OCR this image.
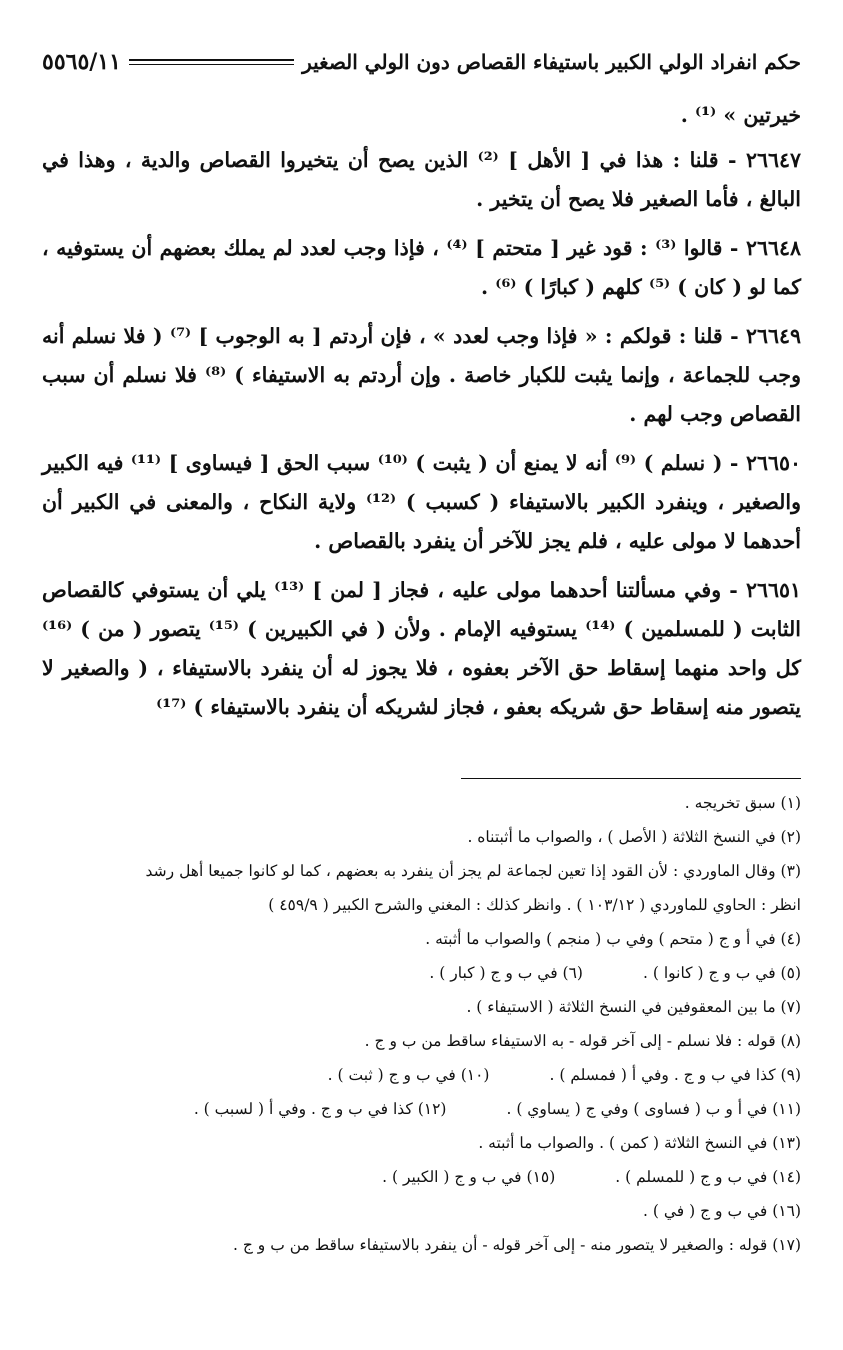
حكم انفراد الولي الكبير باستيفاء القصاص دون الولي الصغير
٥٥٦٥/١١

خيرتين » ⁽¹⁾ .

٢٦٦٤٧ - قلنا : هذا في [ الأهل ] ⁽²⁾ الذين يصح أن يتخيروا القصاص والدية ، وهذا في البالغ ، فأما الصغير فلا يصح أن يتخير .

٢٦٦٤٨ - قالوا ⁽³⁾ : قود غير [ متحتم ] ⁽⁴⁾ ، فإذا وجب لعدد لم يملك بعضهم أن يستوفيه ، كما لو ( كان ) ⁽⁵⁾ كلهم ( كبارًا ) ⁽⁶⁾ .

٢٦٦٤٩ - قلنا : قولكم : « فإذا وجب لعدد » ، فإن أردتم [ به الوجوب ] ⁽⁷⁾ ( فلا نسلم أنه وجب للجماعة ، وإنما يثبت للكبار خاصة . وإن أردتم به الاستيفاء ) ⁽⁸⁾ فلا نسلم أن سبب القصاص وجب لهم .

٢٦٦٥٠ - ( نسلم ) ⁽⁹⁾ أنه لا يمنع أن ( يثبت ) ⁽¹⁰⁾ سبب الحق [ فيساوى ] ⁽¹¹⁾ فيه الكبير والصغير ، وينفرد الكبير بالاستيفاء ( كسبب ) ⁽¹²⁾ ولاية النكاح ، والمعنى في الكبير أن أحدهما لا مولى عليه ، فلم يجز للآخر أن ينفرد بالقصاص .

٢٦٦٥١ - وفي مسألتنا أحدهما مولى عليه ، فجاز [ لمن ] ⁽¹³⁾ يلي أن يستوفي كالقصاص الثابت ( للمسلمين ) ⁽¹⁴⁾ يستوفيه الإمام . ولأن ( في الكبيرين ) ⁽¹⁵⁾ يتصور ( من ) ⁽¹⁶⁾ كل واحد منهما إسقاط حق الآخر بعفوه ، فلا يجوز له أن ينفرد بالاستيفاء ، ( والصغير لا يتصور منه إسقاط حق شريكه بعفو ، فجاز لشريكه أن ينفرد بالاستيفاء ) ⁽¹⁷⁾

(١) سبق تخريجه .

(٢) في النسخ الثلاثة ( الأصل ) ، والصواب ما أثبتناه .

(٣) وقال الماوردي : لأن القود إذا تعين لجماعة لم يجز أن ينفرد به بعضهم ، كما لو كانوا جميعا أهل رشد

انظر : الحاوي للماوردي ( ١٠٣/١٢ ) . وانظر كذلك : المغني والشرح الكبير ( ٤٥٩/٩ )

(٤) في أ و ج ( متحم ) وفي ب ( منجم ) والصواب ما أثبته .

(٥) في ب و ج ( كانوا ) .
(٦) في ب و ج ( كبار ) .

(٧) ما بين المعقوفين في النسخ الثلاثة ( الاستيفاء ) .

(٨) قوله : فلا نسلم - إلى آخر قوله - به الاستيفاء ساقط من ب و ج .

(٩) كذا في ب و ج . وفي أ ( فمسلم ) .
(١٠) في ب و ج ( ثبت ) .
(١١) في أ و ب ( فساوى ) وفي ج ( يساوي ) .
(١٢) كذا في ب و ج . وفي أ ( لسبب ) .

(١٣) في النسخ الثلاثة ( كمن ) . والصواب ما أثبته .

(١٤) في ب و ج ( للمسلم ) .
(١٥) في ب و ج ( الكبير ) .

(١٦) في ب و ج ( في ) .

(١٧) قوله : والصغير لا يتصور منه - إلى آخر قوله - أن ينفرد بالاستيفاء ساقط من ب و ج .
